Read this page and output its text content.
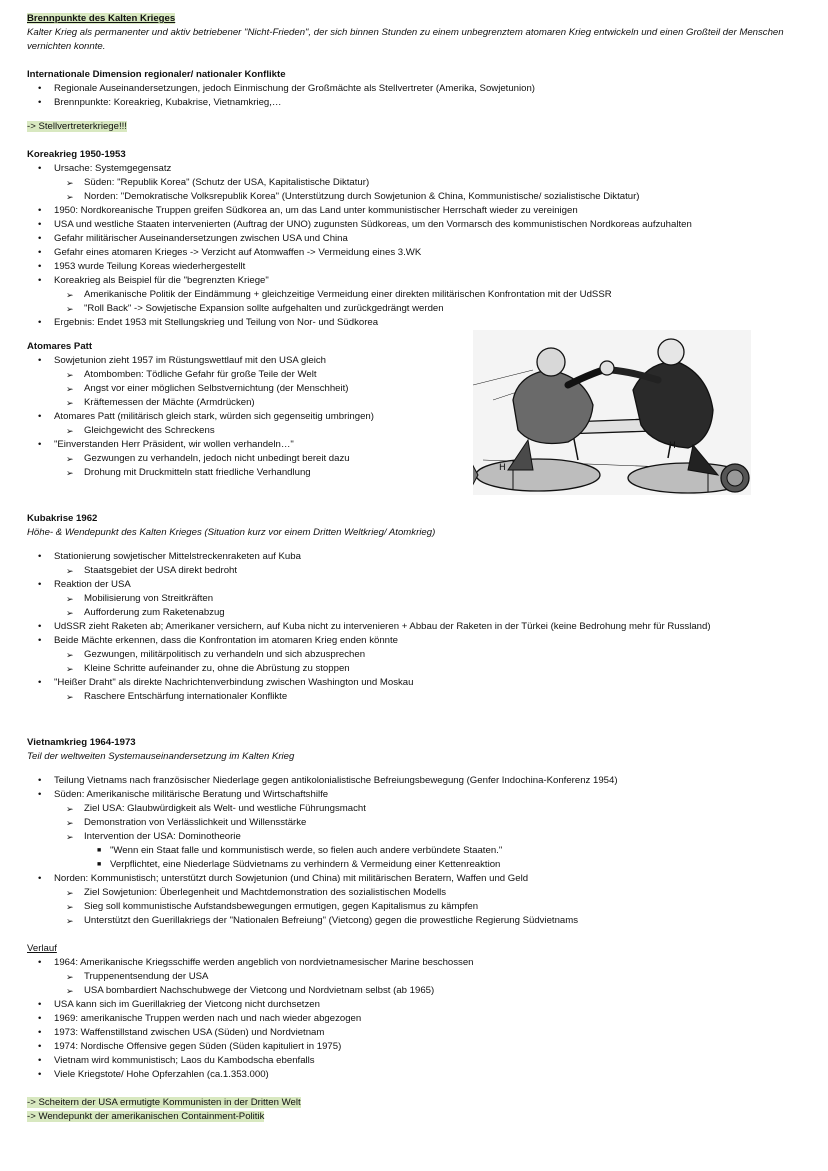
Brennpunkte des Kalten Krieges
Kalter Krieg als permanenter und aktiv betriebener "Nicht-Frieden", der sich binnen Stunden zu einem unbegrenztem atomaren Krieg entwickeln und einen Großteil der Menschen vernichten konnte.
Internationale Dimension regionaler/ nationaler Konflikte
• Regionale Auseinandersetzungen, jedoch Einmischung der Großmächte als Stellvertreter (Amerika, Sowjetunion)
• Brennpunkte: Koreakrieg, Kubakrise, Vietnamkrieg,…
-> Stellvertreterkriege!!!
Koreakrieg 1950-1953
• Ursache: Systemgegensatz
➢ Süden: "Republik Korea" (Schutz der USA, Kapitalistische Diktatur)
➢ Norden: "Demokratische Volksrepublik Korea" (Unterstützung durch Sowjetunion & China, Kommunistische/ sozialistische Diktatur)
• 1950: Nordkoreanische Truppen greifen Südkorea an, um das Land unter kommunistischer Herrschaft wieder zu vereinigen
• USA und westliche Staaten intervenierten (Auftrag der UNO) zugunsten Südkoreas, um den Vormarsch des kommunistischen Nordkoreas aufzuhalten
• Gefahr militärischer Auseinandersetzungen zwischen USA und China
• Gefahr eines atomaren Krieges -> Verzicht auf Atomwaffen -> Vermeidung eines 3.WK
• 1953 wurde Teilung Koreas wiederhergestellt
• Koreakrieg als Beispiel für die "begrenzten Kriege"
➢ Amerikanische Politik der Eindämmung + gleichzeitige Vermeidung einer direkten militärischen Konfrontation mit der UdSSR
➢ "Roll Back" -> Sowjetische Expansion sollte aufgehalten und zurückgedrängt werden
• Ergebnis: Endet 1953 mit Stellungskrieg und Teilung von Nor- und Südkorea
Atomares Patt
• Sowjetunion zieht 1957 im Rüstungswettlauf mit den USA gleich
➢ Atombomben: Tödliche Gefahr für große Teile der Welt
➢ Angst vor einer möglichen Selbstvernichtung (der Menschheit)
➢ Kräftemessen der Mächte (Armdrücken)
• Atomares Patt (militärisch gleich stark, würden sich gegenseitig umbringen)
➢ Gleichgewicht des Schreckens
• "Einverstanden Herr Präsident, wir wollen verhandeln…"
➢ Gezwungen zu verhandeln, jedoch nicht unbedingt bereit dazu
➢ Drohung mit Druckmitteln statt friedliche Verhandlung
Kubakrise 1962
Höhe- & Wendepunkt des Kalten Krieges (Situation kurz vor einem Dritten Weltkrieg/ Atomkrieg)
• Stationierung sowjetischer Mittelstreckenraketen auf Kuba
➢ Staatsgebiet der USA direkt bedroht
• Reaktion der USA
➢ Mobilisierung von Streitkräften
➢ Aufforderung zum Raketenabzug
• UdSSR zieht Raketen ab; Amerikaner versichern, auf Kuba nicht zu intervenieren + Abbau der Raketen in der Türkei (keine Bedrohung mehr für Russland)
• Beide Mächte erkennen, dass die Konfrontation im atomaren Krieg enden könnte
➢ Gezwungen, militärpolitisch zu verhandeln und sich abzusprechen
➢ Kleine Schritte aufeinander zu, ohne die Abrüstung zu stoppen
• "Heißer Draht" als direkte Nachrichtenverbindung zwischen Washington und Moskau
➢ Raschere Entschärfung internationaler Konflikte
Vietnamkrieg 1964-1973
Teil der weltweiten Systemauseinandersetzung im Kalten Krieg
• Teilung Vietnams nach französischer Niederlage gegen antikolonialistische Befreiungsbewegung (Genfer Indochina-Konferenz 1954)
• Süden: Amerikanische militärische Beratung und Wirtschaftshilfe
➢ Ziel USA: Glaubwürdigkeit als Welt- und westliche Führungsmacht
➢ Demonstration von Verlässlichkeit und Willensstärke
➢ Intervention der USA: Dominotheorie
■ "Wenn ein Staat falle und kommunistisch werde, so fielen auch andere verbündete Staaten."
■ Verpflichtet, eine Niederlage Südvietnams zu verhindern & Vermeidung einer Kettenreaktion
• Norden: Kommunistisch; unterstützt durch Sowjetunion (und China) mit militärischen Beratern, Waffen und Geld
➢ Ziel Sowjetunion: Überlegenheit und Machtdemonstration des sozialistischen Modells
➢ Sieg soll kommunistische Aufstandsbewegungen ermutigen, gegen Kapitalismus zu kämpfen
➢ Unterstützt den Guerillakriegs der "Nationalen Befreiung" (Vietcong) gegen die prowestliche Regierung Südvietnams
Verlauf
• 1964: Amerikanische Kriegsschiffe werden angeblich von nordvietnamesischer Marine beschossen
➢ Truppenentsendung der USA
➢ USA bombardiert Nachschubwege der Vietcong und Nordvietnam selbst (ab 1965)
• USA kann sich im Guerillakrieg der Vietcong nicht durchsetzen
• 1969: amerikanische Truppen werden nach und nach wieder abgezogen
• 1973: Waffenstillstand zwischen USA (Süden) und Nordvietnam
• 1974: Nordische Offensive gegen Süden (Süden kapituliert in 1975)
• Vietnam wird kommunistisch; Laos du Kambodscha ebenfalls
• Viele Kriegstote/ Hohe Opferzahlen (ca.1.353.000)
-> Scheitern der USA ermutigte Kommunisten in der Dritten Welt
-> Wendepunkt der amerikanischen Containment-Politik
H
H
